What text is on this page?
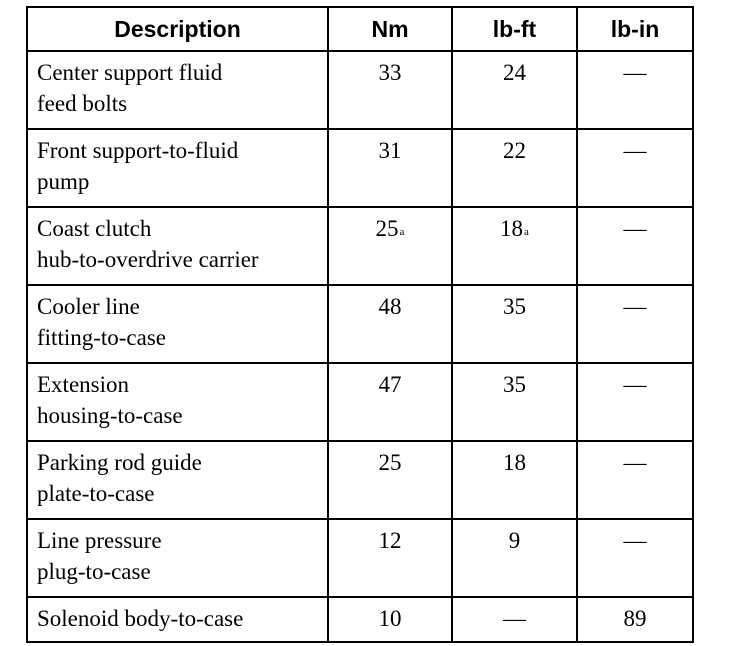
Description	Nm	lb-ft	lb-in

Center support fluid
feed bolts	33	24	—

Front support-to-fluid
pump	31	22	—

Coast clutch
hub-to-overdrive carrier	25$^a$	18$^a$	—

Cooler line
fitting-to-case	48	35	—

Extension
housing-to-case	47	35	—

Parking rod guide
plate-to-case	25	18	—

Line pressure
plug-to-case	12	9	—

Solenoid body-to-case	10	—	89
